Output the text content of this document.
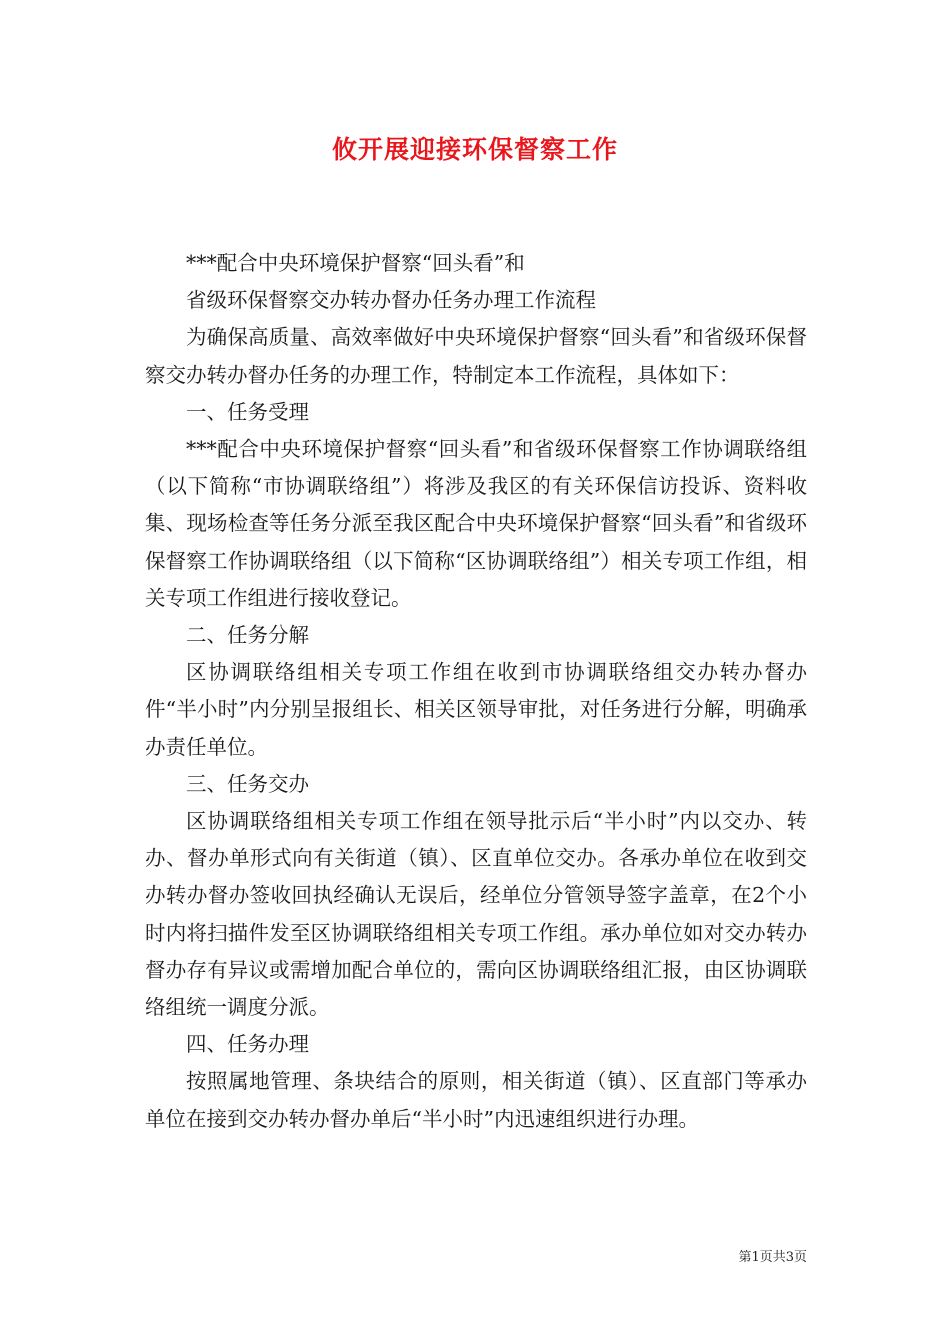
攸开展迎接环保督察工作

***配合中央环境保护督察“回头看”和

省级环保督察交办转办督办任务办理工作流程

为确保高质量、高效率做好中央环境保护督察“回头看”和省级环保督察交办转办督办任务的办理工作，特制定本工作流程，具体如下：

一、任务受理

***配合中央环境保护督察“回头看”和省级环保督察工作协调联络组（以下简称“市协调联络组”）将涉及我区的有关环保信访投诉、资料收集、现场检查等任务分派至我区配合中央环境保护督察“回头看”和省级环保督察工作协调联络组（以下简称“区协调联络组”）相关专项工作组，相关专项工作组进行接收登记。

二、任务分解

区协调联络组相关专项工作组在收到市协调联络组交办转办督办件“半小时”内分别呈报组长、相关区领导审批，对任务进行分解，明确承办责任单位。

三、任务交办

区协调联络组相关专项工作组在领导批示后“半小时”内以交办、转办、督办单形式向有关街道（镇）、区直单位交办。各承办单位在收到交办转办督办签收回执经确认无误后，经单位分管领导签字盖章，在2个小时内将扫描件发至区协调联络组相关专项工作组。承办单位如对交办转办督办存有异议或需增加配合单位的，需向区协调联络组汇报，由区协调联络组统一调度分派。

四、任务办理

按照属地管理、条块结合的原则，相关街道（镇）、区直部门等承办单位在接到交办转办督办单后“半小时”内迅速组织进行办理。

第1页共3页
